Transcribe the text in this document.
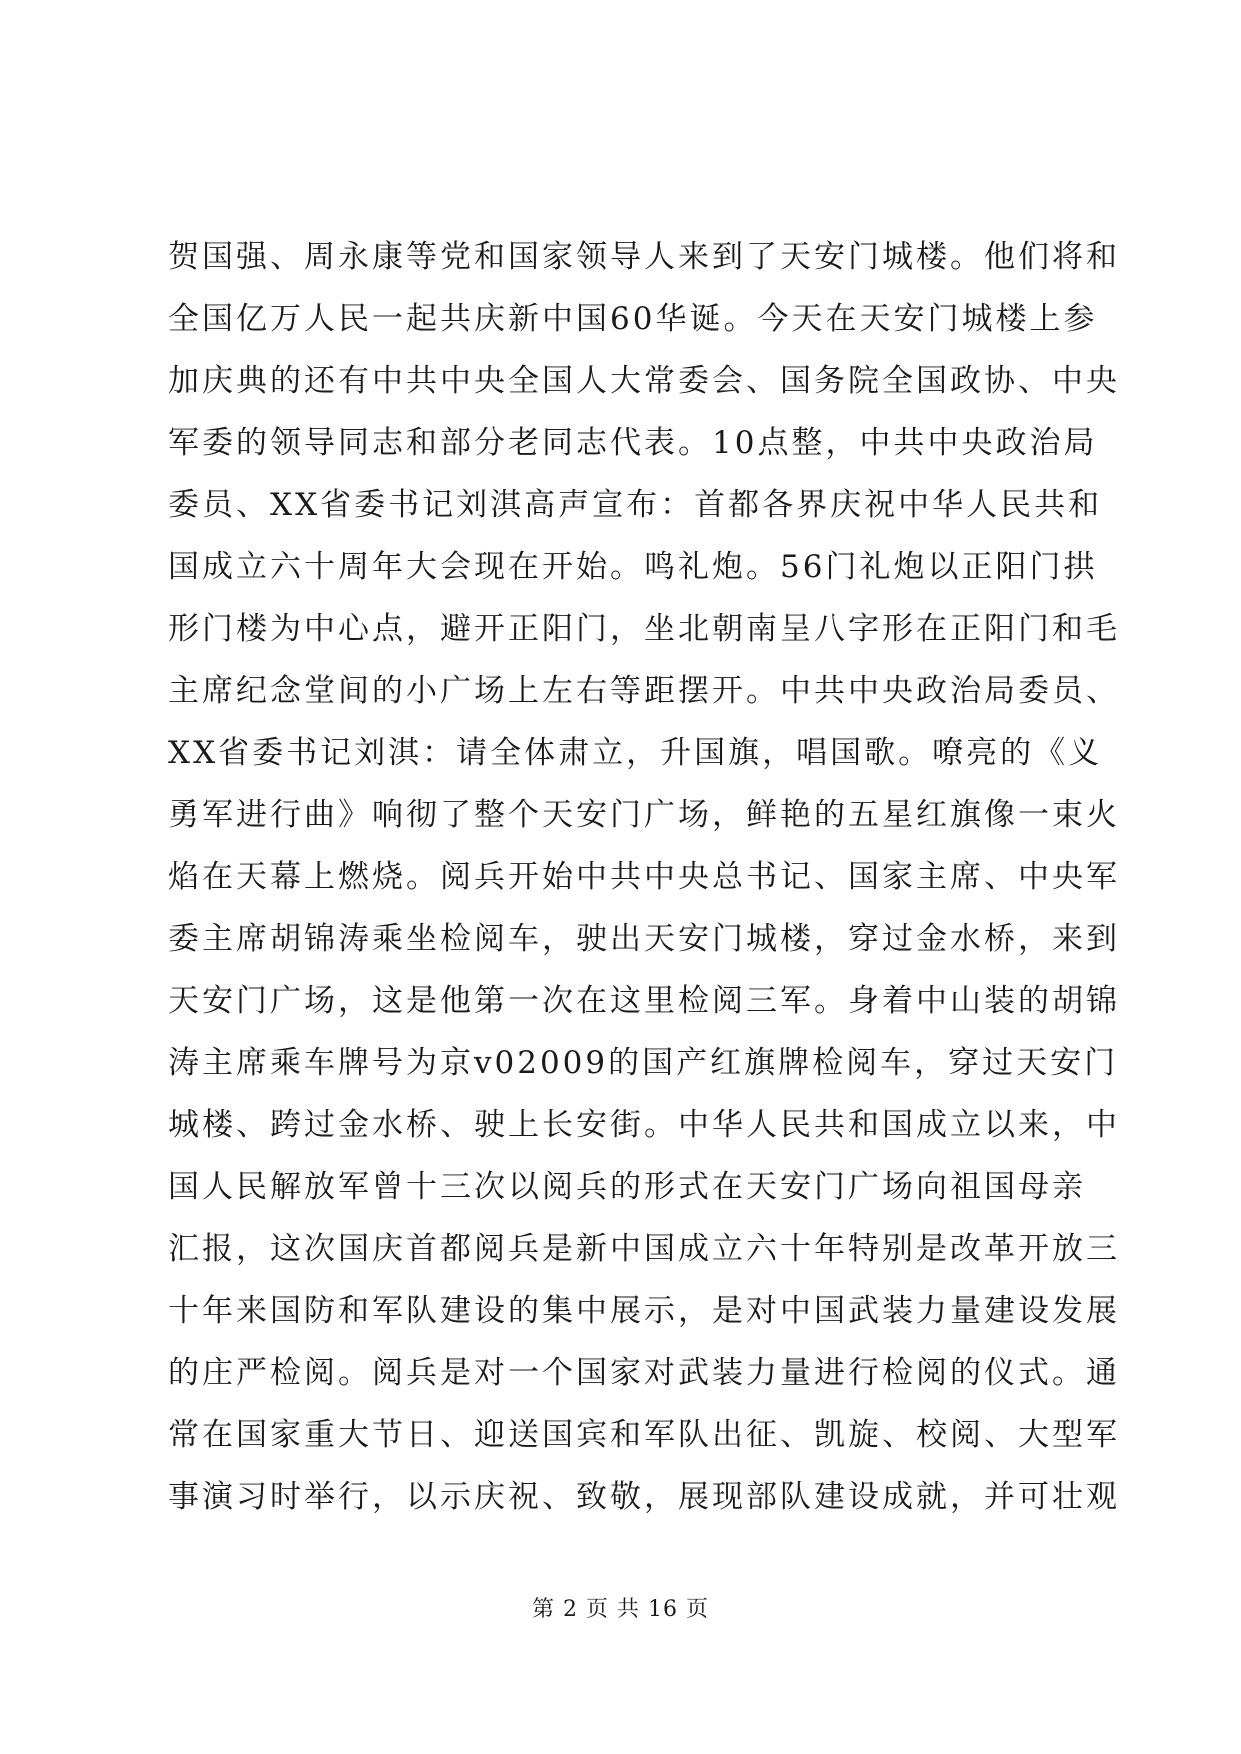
贺国强、周永康等党和国家领导人来到了天安门城楼。他们将和
全国亿万人民一起共庆新中国60华诞。今天在天安门城楼上参
加庆典的还有中共中央全国人大常委会、国务院全国政协、中央
军委的领导同志和部分老同志代表。10点整，中共中央政治局
委员、XX省委书记刘淇高声宣布：首都各界庆祝中华人民共和
国成立六十周年大会现在开始。鸣礼炮。56门礼炮以正阳门拱
形门楼为中心点，避开正阳门，坐北朝南呈八字形在正阳门和毛
主席纪念堂间的小广场上左右等距摆开。中共中央政治局委员、
XX省委书记刘淇：请全体肃立，升国旗，唱国歌。嘹亮的《义
勇军进行曲》响彻了整个天安门广场，鲜艳的五星红旗像一束火
焰在天幕上燃烧。阅兵开始中共中央总书记、国家主席、中央军
委主席胡锦涛乘坐检阅车，驶出天安门城楼，穿过金水桥，来到
天安门广场，这是他第一次在这里检阅三军。身着中山装的胡锦
涛主席乘车牌号为京v02009的国产红旗牌检阅车，穿过天安门
城楼、跨过金水桥、驶上长安街。中华人民共和国成立以来，中
国人民解放军曾十三次以阅兵的形式在天安门广场向祖国母亲
汇报，这次国庆首都阅兵是新中国成立六十年特别是改革开放三
十年来国防和军队建设的集中展示，是对中国武装力量建设发展
的庄严检阅。阅兵是对一个国家对武装力量进行检阅的仪式。通
常在国家重大节日、迎送国宾和军队出征、凯旋、校阅、大型军
事演习时举行，以示庆祝、致敬，展现部队建设成就，并可壮观
第 2 页 共 16 页
